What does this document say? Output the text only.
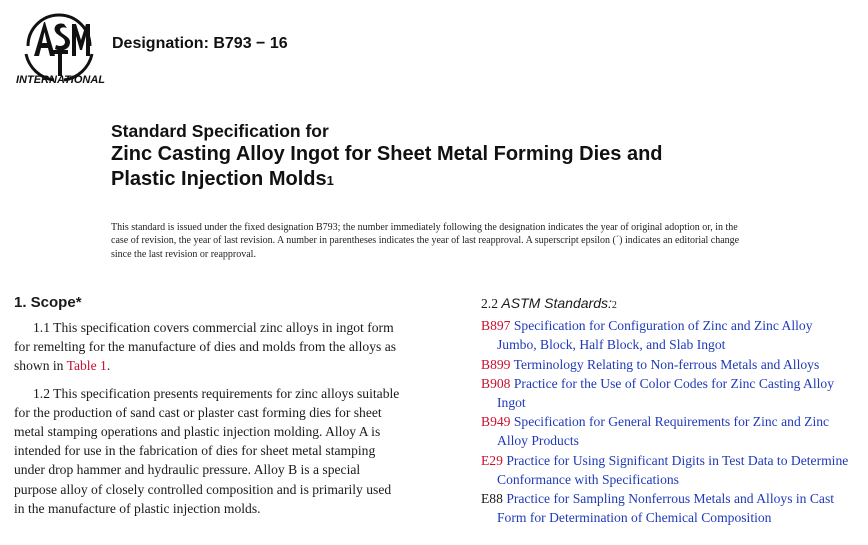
INTERNATIONAL
Designation: B793 − 16
Standard Specification for
Zinc Casting Alloy Ingot for Sheet Metal Forming Dies and
Plastic Injection Molds1
This standard is issued under the fixed designation B793; the number immediately following the designation indicates the year of original adoption or, in the case of revision, the year of last revision. A number in parentheses indicates the year of last reapproval. A superscript epsilon (´) indicates an editorial change since the last revision or reapproval.
1. Scope*

1.1 This specification covers commercial zinc alloys in ingot form for remelting for the manufacture of dies and molds from the alloys as shown in Table 1.

1.2 This specification presents requirements for zinc alloys suitable for the production of sand cast or plaster cast forming dies for sheet metal stamping operations and plastic injection molding. Alloy A is intended for use in the fabrication of dies for sheet metal stamping under drop hammer and hydraulic pressure. Alloy B is a special purpose alloy of closely controlled composition and is primarily used in the manufacture of plastic injection molds.

2.2 ASTM Standards:2
B897 Specification for Configuration of Zinc and Zinc Alloy Jumbo, Block, Half Block, and Slab Ingot
B899 Terminology Relating to Non-ferrous Metals and Alloys
B908 Practice for the Use of Color Codes for Zinc Casting Alloy Ingot
B949 Specification for General Requirements for Zinc and Zinc Alloy Products
E29 Practice for Using Significant Digits in Test Data to Determine Conformance with Specifications
E88 Practice for Sampling Nonferrous Metals and Alloys in Cast Form for Determination of Chemical Composition
